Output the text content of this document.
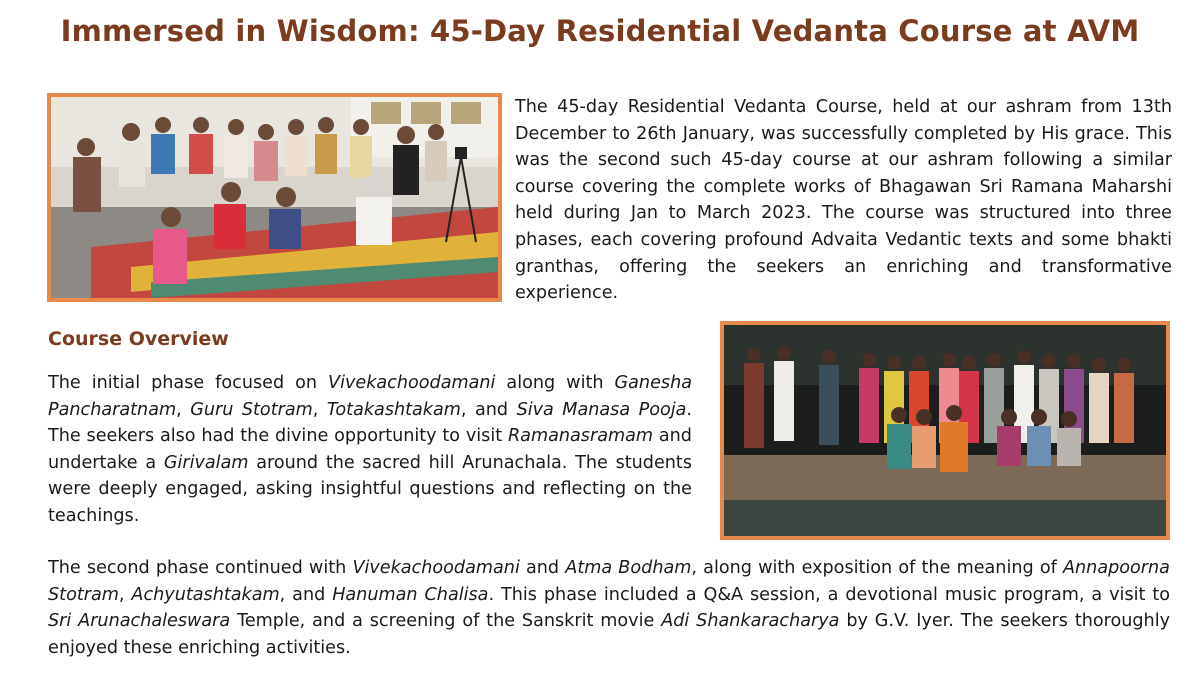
Immersed in Wisdom: 45-Day Residential Vedanta Course at AVM

The 45-day Residential Vedanta Course, held at our ashram from 13th December to 26th January, was successfully completed by His grace. This was the second such 45-day course at our ashram following a similar course covering the complete works of Bhagawan Sri Ramana Maharshi held during Jan to March 2023. The course was structured into three phases, each covering profound Advaita Vedantic texts and some bhakti granthas, offering the seekers an enriching and transformative experience.

Course Overview

The initial phase focused on Vivekachoodamani along with Ganesha Pancharatnam, Guru Stotram, Totakashtakam, and Siva Manasa Pooja. The seekers also had the divine opportunity to visit Ramanasramam and undertake a Girivalam around the sacred hill Arunachala. The students were deeply engaged, asking insightful questions and reflecting on the teachings.

The second phase continued with Vivekachoodamani and Atma Bodham, along with exposition of the meaning of Annapoorna Stotram, Achyutashtakam, and Hanuman Chalisa. This phase included a Q&A session, a devotional music program, a visit to Sri Arunachaleswara Temple, and a screening of the Sanskrit movie Adi Shankaracharya by G.V. Iyer. The seekers thoroughly enjoyed these enriching activities.
